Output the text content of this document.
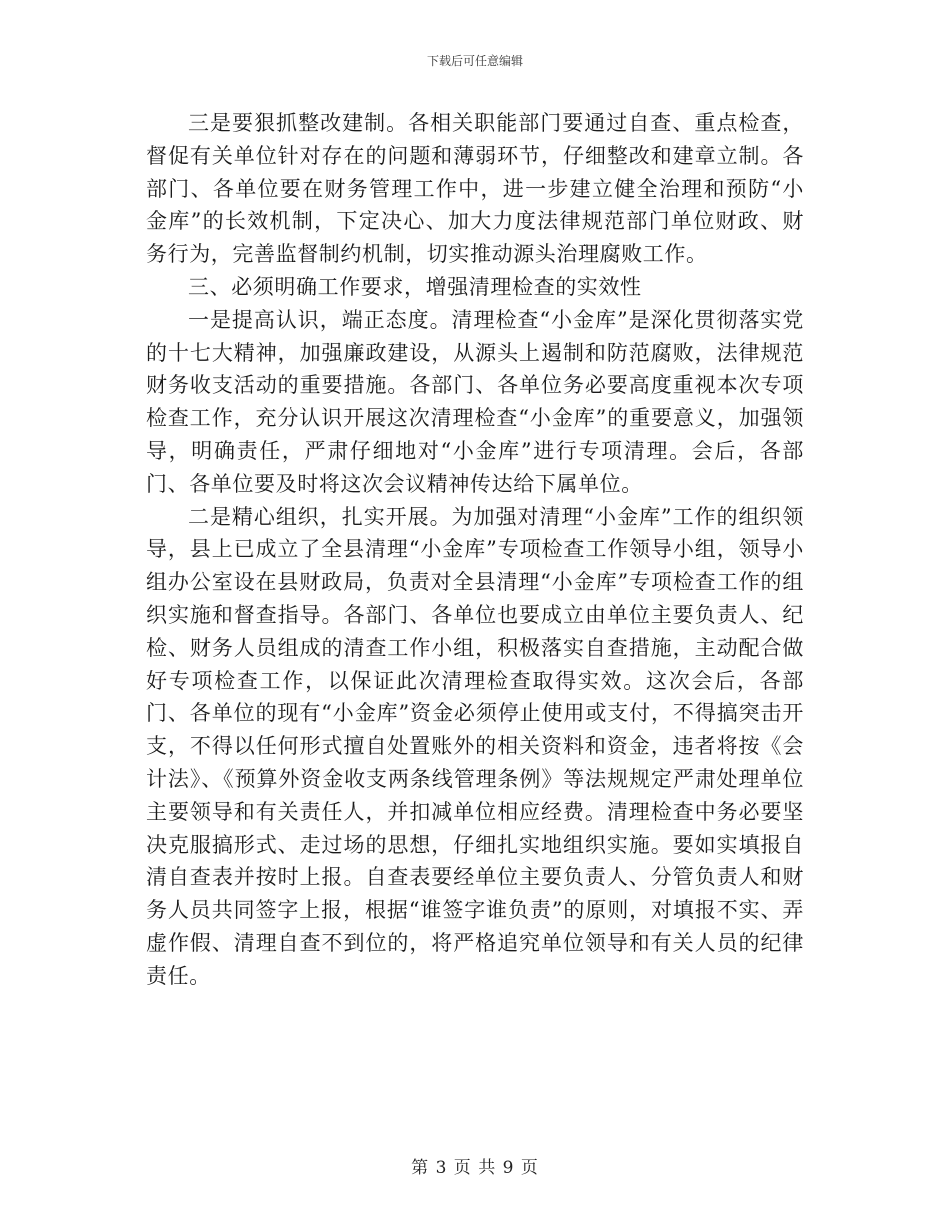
下载后可任意编辑

三是要狠抓整改建制。各相关职能部门要通过自查、重点检查，督促有关单位针对存在的问题和薄弱环节，仔细整改和建章立制。各部门、各单位要在财务管理工作中，进一步建立健全治理和预防“小金库”的长效机制，下定决心、加大力度法律规范部门单位财政、财务行为，完善监督制约机制，切实推动源头治理腐败工作。

三、必须明确工作要求，增强清理检查的实效性

一是提高认识，端正态度。清理检查“小金库”是深化贯彻落实党的十七大精神，加强廉政建设，从源头上遏制和防范腐败，法律规范财务收支活动的重要措施。各部门、各单位务必要高度重视本次专项检查工作，充分认识开展这次清理检查“小金库”的重要意义，加强领导，明确责任，严肃仔细地对“小金库”进行专项清理。会后，各部门、各单位要及时将这次会议精神传达给下属单位。

二是精心组织，扎实开展。为加强对清理“小金库”工作的组织领导，县上已成立了全县清理“小金库”专项检查工作领导小组，领导小组办公室设在县财政局，负责对全县清理“小金库”专项检查工作的组织实施和督查指导。各部门、各单位也要成立由单位主要负责人、纪检、财务人员组成的清查工作小组，积极落实自查措施，主动配合做好专项检查工作，以保证此次清理检查取得实效。这次会后，各部门、各单位的现有“小金库”资金必须停止使用或支付，不得搞突击开支，不得以任何形式擅自处置账外的相关资料和资金，违者将按《会计法》、《预算外资金收支两条线管理条例》等法规规定严肃处理单位主要领导和有关责任人，并扣减单位相应经费。清理检查中务必要坚决克服搞形式、走过场的思想，仔细扎实地组织实施。要如实填报自清自查表并按时上报。自查表要经单位主要负责人、分管负责人和财务人员共同签字上报，根据“谁签字谁负责”的原则，对填报不实、弄虚作假、清理自查不到位的，将严格追究单位领导和有关人员的纪律责任。

第 3 页 共 9 页
